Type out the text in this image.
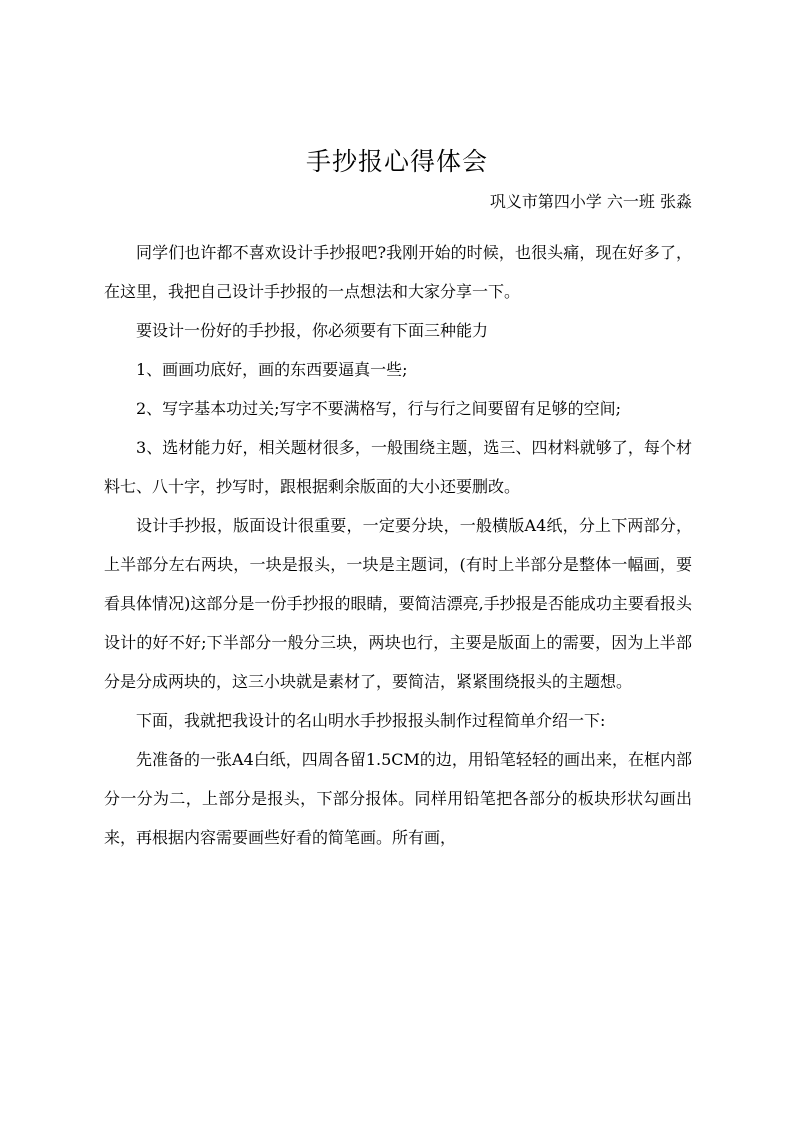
手抄报心得体会
巩义市第四小学 六一班 张淼

同学们也许都不喜欢设计手抄报吧?我刚开始的时候，也很头痛，现在好多了，在这里，我把自己设计手抄报的一点想法和大家分享一下。

要设计一份好的手抄报，你必须要有下面三种能力

1、画画功底好，画的东西要逼真一些;

2、写字基本功过关;写字不要满格写，行与行之间要留有足够的空间;

3、选材能力好，相关题材很多，一般围绕主题，选三、四材料就够了，每个材料七、八十字，抄写时，跟根据剩余版面的大小还要删改。

设计手抄报，版面设计很重要，一定要分块，一般横版A4纸，分上下两部分，上半部分左右两块，一块是报头，一块是主题词，(有时上半部分是整体一幅画，要看具体情况)这部分是一份手抄报的眼睛，要简洁漂亮,手抄报是否能成功主要看报头设计的好不好;下半部分一般分三块，两块也行，主要是版面上的需要，因为上半部分是分成两块的，这三小块就是素材了，要简洁，紧紧围绕报头的主题想。

下面，我就把我设计的名山明水手抄报报头制作过程简单介绍一下:

先准备的一张A4白纸，四周各留1.5CM的边，用铅笔轻轻的画出来，在框内部分一分为二，上部分是报头，下部分报体。同样用铅笔把各部分的板块形状勾画出来，再根据内容需要画些好看的简笔画。所有画，
